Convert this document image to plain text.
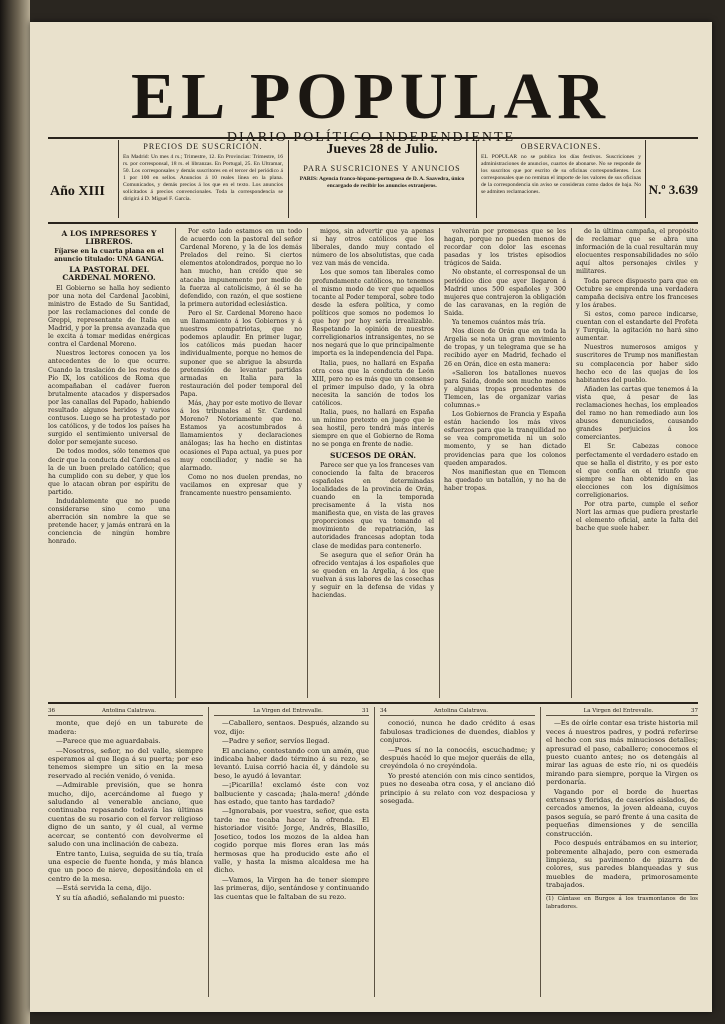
EL POPULAR
DIARIO POLÍTICO INDEPENDIENTE
Año XIII
PRECIOS DE SUSCRICIÓN.
En Madrid: Un mes 4 rs.; Trimestre, 12. En Provincias: Trimestre, 16 rs. por corresponsal, 18 rs. el libranzas. En Portugal, 25. En Ultramar, 50. Los corresponsales y demás suscritores en el tercer del periódico á 1 por 100 en sellos. Anuncios á 10 reales línea en la plana. Comunicados, y demás precios á los que en el texto. Los anuncios solicitados á precios convencionales. Toda la correspondencia se dirigirá á D. Miguel F. García.
Jueves 28 de Julio.
PARA SUSCRICIONES Y ANUNCIOS
PARIS: Agencia franco-hispano-portuguesa de D. A. Saavedra, único encargado de recibir los anuncios extranjeros.
OBSERVACIONES.
EL POPULAR no se publica los días festivos. Suscriciones y administraciones de anuncios, cuartos de abonarse. No se responde de los suscritos que por escrito de su oficinas correspondientes. Los corresponsales que no remitan el importe de los valores de sus oficinas de la correspondencia sin aviso se consideran como dados de baja. No se admiten reclamaciones.	N.º 3.639
A LOS IMPRESORES Y LIBREROS.

Fíjarse en la cuarta plana en el anuncio titulado: UNA GANGA.

LA PASTORAL DEL CARDENAL MORENO.

El Gobierno se halla hoy sediento por una nota del Cardenal Jacobini, ministro de Estado de Su Santidad, por las reclamaciones del conde de Greppi, representante de Italia en Madrid, y por la prensa avanzada que le excita á tomar medidas enérgicas contra el Cardenal Moreno.

Nuestros lectores conocen ya los antecedentes de lo que ocurre. Cuando la traslación de los restos de Pío IX, los católicos de Roma que acompañaban el cadáver fueron brutalmente atacados y dispersados por las canallas del Papado, habiendo resultado algunos heridos y varios contusos. Luego se ha protestado por los católicos, y de todos los países ha surgido el sentimiento universal de dolor por semejante suceso.

De todos modos, sólo tenemos que decir que la conducta del Cardenal es la de un buen prelado católico; que ha cumplido con su deber, y que los que lo atacan obran por espíritu de partido.

Indudablemente que no puede considerarse sino como una aberración sin nombre la que se pretende hacer, y jamás entrará en la conciencia de ningún hombre honrado.

Por esto lado estamos en un todo de acuerdo con la pastoral del señor Cardenal Moreno, y la de los demás Prelados del reino. Si ciertos elementos atolondrados, porque no lo han mucho, han creído que se atacaba impunemente por medio de la fuerza al catolicismo, á él se ha defendido, con razón, el que sostiene la primera autoridad eclesiástica.

Pero el Sr. Cardenal Moreno hace un llamamiento á los Gobiernos y á nuestros compatriotas, que no podemos aplaudir. En primer lugar, los católicos más puedan hacer individualmente, porque no hemos de suponer que se abrigue la absurda pretensión de levantar partidas armadas en Italia para la restauración del poder temporal del Papa.

Más, ¿hay por este motivo de llevar á los tribunales al Sr. Cardenal Moreno? Notoriamente que no. Estamos ya acostumbrados á llamamientos y declaraciones análogas; las ha hecho en distintas ocasiones el Papa actual, ya pues por muy conciliador, y nadie se ha alarmado.

Como no nos duelen prendas, no vacilamos en expresar que y francamente nuestro pensamiento.

migos, sin advertir que ya apenas si hay otros católicos que los liberales, dando muy contado el número de los absolutistas, que cada vez van más de vencida.

Los que somos tan liberales como profundamente católicos, no tenemos el mismo modo de ver que aquellos tocante al Poder temporal, sobre todo desde la esfera política, y como políticos que somos no podemos lo que hoy por hoy sería irrealizable. Respetando la opinión de nuestros correligionarios intransigentes, no se nos negará que lo que principalmente importa es la independencia del Papa.

Italia, pues, no hallará en España otra cosa que la conducta de León XIII, pero no es más que un consenso el primer impulso dado, y la obra necesita la sanción de todos los católicos.

Italia, pues, no hallará en España un mínimo pretexto en juego que le sea hostil, pero tendrá más interés siempre en que el Gobierno de Roma no se ponga en frente de nadie.

SUCESOS DE ORÁN.

Parece ser que ya los franceses van conociendo la falta de braceros españoles en determinadas localidades de la provincia de Orán, cuando en la temporada precisamente á la vista nos manifiesta que, en vista de las graves proporciones que va tomando el movimiento de repatriación, las autoridades francesas adoptan toda clase de medidas para contenerlo.

Se asegura que el señor Orán ha ofrecido ventajas á los españoles que se queden en la Argelia, á los que vuelvan á sus labores de las cosechas y seguir en la defensa de vidas y haciendas.

volverán por promesas que se les hagan, porque no pueden menos de recordar con dolor las escenas pasadas y los tristes episodios trágicos de Saida.

No obstante, el corresponsal de un periódico dice que ayer llegaron á Madrid unos 500 españoles y 300 mujeres que contrajeron la obligación de las caravanas, en la región de Saida.

Ya tenemos cuántos más tría.

Nos dicen de Orán que en toda la Argelia se nota un gran movimiento de tropas, y un telegrama que se ha recibido ayer en Madrid, fechado el 26 en Orán, dice en esta manera:

«Salieron los batallones nuevos para Saida, donde son mucho menos y algunas tropas procedentes de Tlemcen, las de organizar varias columnas.»

Los Gobiernos de Francia y España están haciendo los más vivos esfuerzos para que la tranquilidad no se vea comprometida ni un solo momento, y se han dictado providencias para que los colonos queden amparados.

Nos manifiestan que en Tlemcen ha quedado un batallón, y no ha de haber tropas.

de la última campaña, el propósito de reclamar que se abra una información de la cual resultarán muy elocuentes responsabilidades no sólo aquí altos personajes civiles y militares.

Toda parece dispuesto para que en Octubre se emprenda una verdadera campaña decisiva entre los franceses y los árabes.

Si estos, como parece indicarse, cuentan con el estandarte del Profeta y Turquía, la agitación no hará sino aumentar.

Nuestros numerosos amigos y suscritores de Trump nos manifiestan su complacencia por haber sido hecho eco de las quejas de los habitantes del pueblo.

Añaden las cartas que tenemos á la vista que, á pesar de las reclamaciones hechas, los empleados del ramo no han remediado aun los abusos denunciados, causando grandes perjuicios á los comerciantes.

El Sr. Cabezas conoce perfectamente el verdadero estado en que se halla el distrito, y es por esto el que confía en el triunfo que siempre se han obtenido en las elecciones con los dignísimos correligionarios.

Por otra parte, cumple el señor Nort las armas que pudiera prestarle el elemento oficial, ante la falta del bache que suele haber.

36	Antolina Calatrava.

monte, que dejó en un taburete de madera:

—Parece que me aguardabais.

—Nosotros, señor, no del valle, siempre esperamos al que llega á su puerta; por eso tenemos siempre un sitio en la mesa reservado al recién venido, ó venida.

—Admirable previsión, que se honra mucho, dijo, acercándome al fuego y saludando al venerable anciano, que continuaba repasando todavía las últimas cuentas de su rosario con el fervor religioso digno de un santo, y él cual, al verme acercar, se contentó con devolverme el saludo con una inclinación de cabeza.

Entre tanto, Luisa, seguida de su tía, traía una especie de fuente honda, y más blanca que un poco de nieve, depositándola en el centro de la mesa.

—Está servida la cena, dijo.

Y su tía añadió, señalando mi puesto:

La Virgen del Entrevalle.	31

—Caballero, sentaos. Después, alzando su voz, dijo:

—Padre y señor, servíos llegad.

El anciano, contestando con un amén, que indicaba haber dado término á su rezo, se levantó. Luisa corrió hacia él, y dándole su beso, le ayudó á levantar.

—¡Picarilla! exclamó éste con voz balbuciente y cascada; ¡hala-mera! ¿dónde has estado, que tanto has tardado?

—Ignorabais, por vuestra, señor, que esta tarde me tocaba hacer la ofrenda. El historiador visitó: Jorge, Andrés, Blasillo, Josetico, todos los mozos de la aldea han cogido porque mis flores eran las más hermosas que ha producido este año el valle, y hasta la misma alcaldesa me ha dicho.

—Vamos, la Virgen ha de tener siempre las primeras, dijo, sentándose y continuando las cuentas que le faltaban de su rezo.

34	Antolina Calatrava.

conoció, nunca he dado crédito á esas fabulosas tradiciones de duendes, diablos y conjuros.

—Pues sí no la conocéis, escuchadme; y después hacéd lo que mejor queráis de ella, creyéndola ó no creyéndola.

Yo presté atención con mis cinco sentidos, pues no deseaba otra cosa, y el anciano dió principio á su relato con voz despaciosa y sosegada.

La Virgen del Entrevalle.	37

—Es de oírle contar esa triste historia mil veces á nuestros padres, y podrá referirse el hecho con sus más minuciosos detalles; apresurad el paso, caballero; conocemos el puesto cuanto antes; no os detengáis al mirar las aguas de este río, ni os quedéis mirando para siempre, porque la Virgen os perdonaría.

Vagando por el borde de huertas extensas y floridas, de caseríos aislados, de cercados amenos, la joven aldeana, cuyos pasos seguía, se paró frente á una casita de pequeñas dimensiones y de sencilla construcción.

Poco después entrábamos en su interior, pobremente alhajado, pero con esmerada limpieza, su pavimento de pizarra de colores, sus paredes blanqueadas y sus muebles de madera, primorosamente trabajados.

(1) Cántase en Burgos á los trasmontanos de los labradores.
